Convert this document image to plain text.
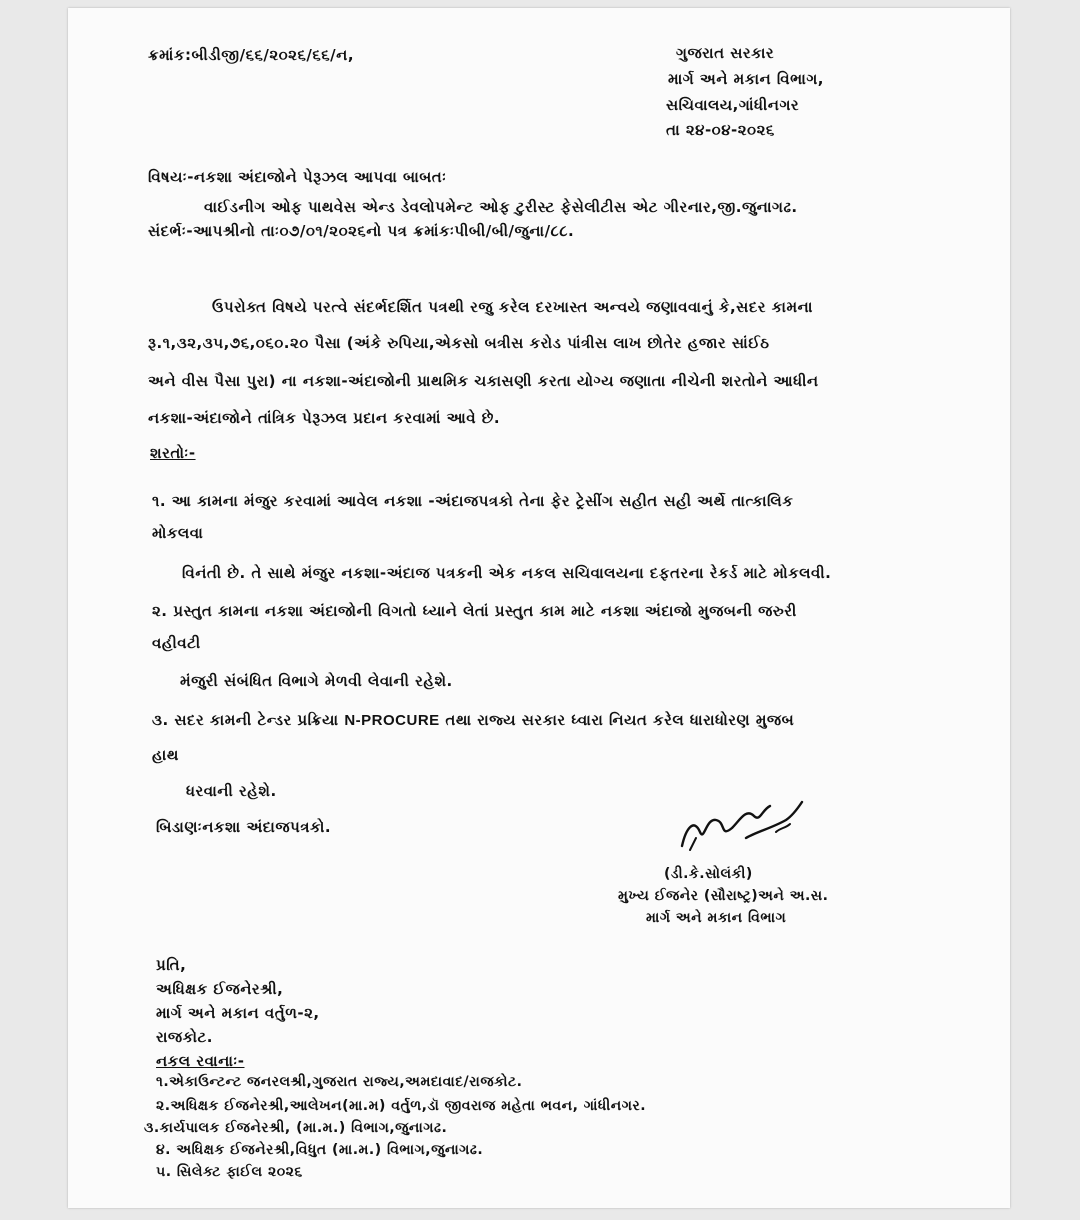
ક્રમાંક:બીડીજી/૬૬/૨૦૨૬/૬૬/ન,	ગુજરાત સરકાર
માર્ગ અને મકાન વિભાગ,
સચિવાલય,ગાંધીનગર
તા ૨૪-૦૪-૨૦૨૬
વિષયઃ-નકશા અંદાજોને પેરૂઝલ આપવા બાબતઃ
વાઈડનીગ ઓફ પાથવેસ એન્ડ ડેવલોપમેન્ટ ઓફ ટુરીસ્ટ ફેસેલીટીસ એટ ગીરનાર,જી.જુનાગઢ.
સંદર્ભઃ-આપશ્રીનો તાઃ૦૭/૦૧/૨૦૨૬નો પત્ર ક્રમાંકઃપીબી/બી/જુના/૮૮.
ઉપરોક્ત વિષયે પરત્વે સંદર્ભદર્શિત પત્રથી રજુ કરેલ દરખાસ્ત અન્વયે જણાવવાનું કે,સદર કામના
રૂ.૧,૩૨,૩૫,૭૬,૦૬૦.૨૦ પૈસા (અંકે રુપિયા,એકસો બત્રીસ કરોડ પાંત્રીસ લાખ છોતેર હજાર સાંઈઠ
અને વીસ પૈસા પુરા) ના નકશા-અંદાજોની પ્રાથમિક ચકાસણી કરતા યોગ્ય જણાતા નીચેની શરતોને આધીન
નકશા-અંદાજોને તાંત્રિક પેરૂઝલ પ્રદાન કરવામાં આવે છે.
શરતોઃ-
૧. આ કામના મંજુર કરવામાં આવેલ નકશા -અંદાજપત્રકો તેના ફેર ટ્રેસીંગ સહીત સહી અર્થે તાત્કાલિક
મોકલવા
વિનંતી છે. તે સાથે મંજુર નકશા-અંદાજ પત્રકની એક નકલ સચિવાલયના દફતરના રેકર્ડ માટે મોકલવી.
૨. પ્રસ્તુત કામના નકશા અંદાજોની વિગતો ધ્યાને લેતાં પ્રસ્તુત કામ માટે નકશા અંદાજો મુજબની જરુરી
વહીવટી
મંજુરી સંબંધિત વિભાગે મેળવી લેવાની રહેશે.
૩. સદર કામની ટેન્ડર પ્રક્રિયા N-PROCURE તથા રાજ્ય સરકાર ધ્વારા નિયત કરેલ ધારાધોરણ મુજબ
હાથ
ધરવાની રહેશે.
બિડાણઃનકશા અંદાજપત્રકો.
(ડી.કે.સોલંકી)
મુખ્ય ઈજનેર (સૌરાષ્ટ્ર)અને અ.સ.
માર્ગ અને મકાન વિભાગ
પ્રતિ,
અધિક્ષક ઈજનેરશ્રી,
માર્ગ અને મકાન વર્તુળ-૨,
રાજકોટ.
નકલ રવાનાઃ-
૧.એકાઉન્ટન્ટ જનરલશ્રી,ગુજરાત રાજ્ય,અમદાવાદ/રાજકોટ.
૨.અધિક્ષક ઈજનેરશ્રી,આલેખન(મા.મ) વર્તુળ,ડૉ જીવરાજ મહેતા ભવન, ગાંધીનગર.
૩.કાર્યપાલક ઈજનેરશ્રી, (મા.મ.) વિભાગ,જુનાગઢ.
૪. અધિક્ષક ઈજનેરશ્રી,વિધુત (મા.મ.) વિભાગ,જુનાગઢ.
૫. સિલેક્ટ ફાઈલ ૨૦૨૬
